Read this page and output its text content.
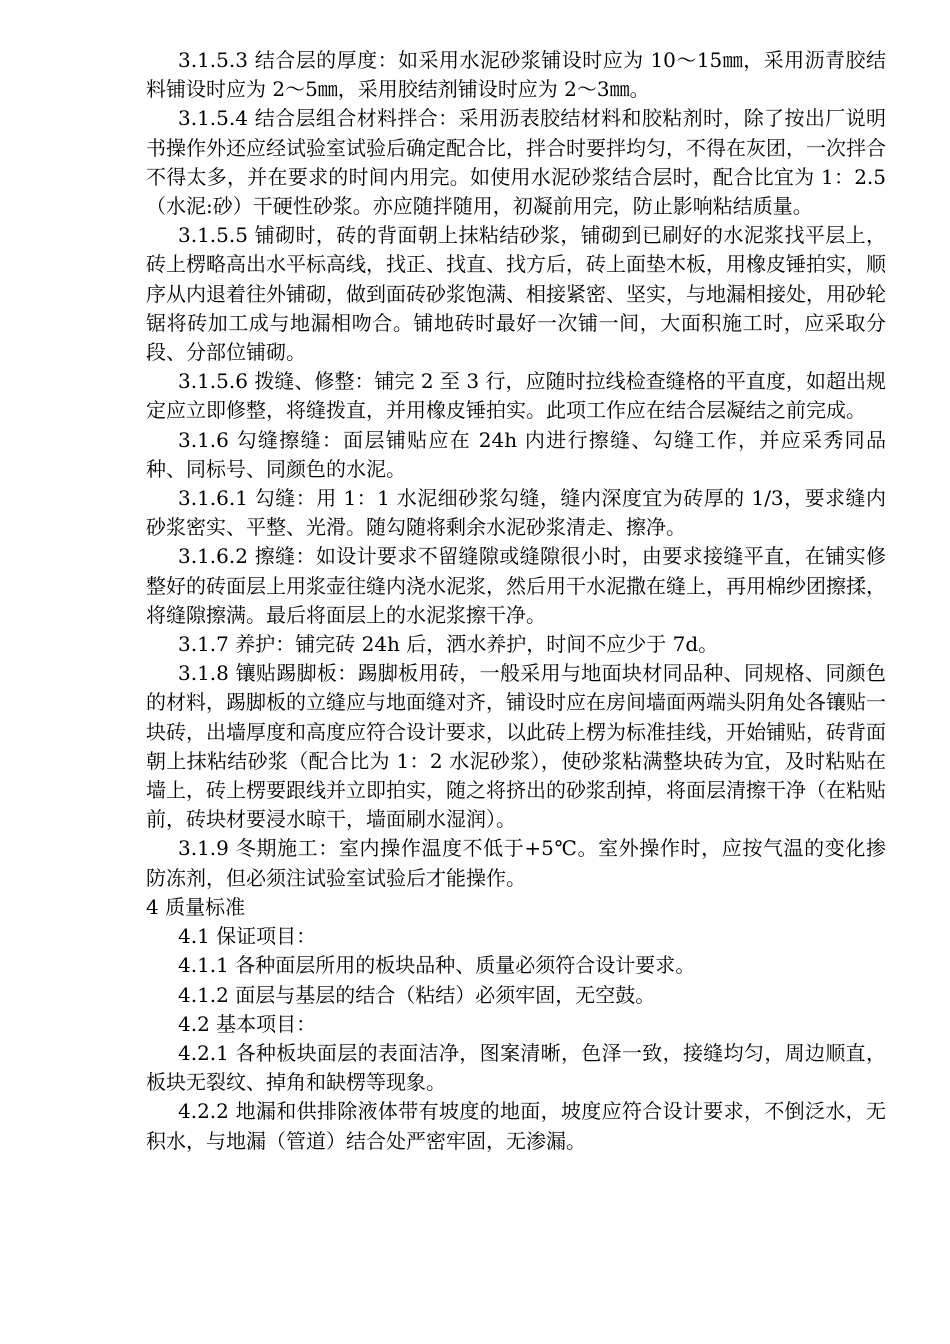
3.1.5.3 结合层的厚度：如采用水泥砂浆铺设时应为 10～15㎜，采用沥青胶结料铺设时应为 2～5㎜，采用胶结剂铺设时应为 2～3㎜。

3.1.5.4 结合层组合材料拌合：采用沥表胶结材料和胶粘剂时，除了按出厂说明书操作外还应经试验室试验后确定配合比，拌合时要拌均匀，不得在灰团，一次拌合不得太多，并在要求的时间内用完。如使用水泥砂浆结合层时，配合比宜为 1：2.5（水泥:砂）干硬性砂浆。亦应随拌随用，初凝前用完，防止影响粘结质量。

3.1.5.5 铺砌时，砖的背面朝上抹粘结砂浆，铺砌到已刷好的水泥浆找平层上，砖上楞略高出水平标高线，找正、找直、找方后，砖上面垫木板，用橡皮锤拍实，顺序从内退着往外铺砌，做到面砖砂浆饱满、相接紧密、坚实，与地漏相接处，用砂轮锯将砖加工成与地漏相吻合。铺地砖时最好一次铺一间，大面积施工时，应采取分段、分部位铺砌。

3.1.5.6 拨缝、修整：铺完 2 至 3 行，应随时拉线检查缝格的平直度，如超出规定应立即修整，将缝拨直，并用橡皮锤拍实。此项工作应在结合层凝结之前完成。

3.1.6 勾缝擦缝：面层铺贴应在 24h 内进行擦缝、勾缝工作，并应采秀同品种、同标号、同颜色的水泥。

3.1.6.1 勾缝：用 1：1 水泥细砂浆勾缝，缝内深度宜为砖厚的 1/3，要求缝内砂浆密实、平整、光滑。随勾随将剩余水泥砂浆清走、擦净。

3.1.6.2 擦缝：如设计要求不留缝隙或缝隙很小时，由要求接缝平直，在铺实修整好的砖面层上用浆壶往缝内浇水泥浆，然后用干水泥撒在缝上，再用棉纱团擦揉，将缝隙擦满。最后将面层上的水泥浆擦干净。

3.1.7 养护：铺完砖 24h 后，洒水养护，时间不应少于 7d。

3.1.8 镶贴踢脚板：踢脚板用砖，一般采用与地面块材同品种、同规格、同颜色的材料，踢脚板的立缝应与地面缝对齐，铺设时应在房间墙面两端头阴角处各镶贴一块砖，出墙厚度和高度应符合设计要求，以此砖上楞为标准挂线，开始铺贴，砖背面朝上抹粘结砂浆（配合比为 1：2 水泥砂浆），使砂浆粘满整块砖为宜，及时粘贴在墙上，砖上楞要跟线并立即拍实，随之将挤出的砂浆刮掉，将面层清擦干净（在粘贴前，砖块材要浸水晾干，墙面刷水湿润）。

3.1.9 冬期施工：室内操作温度不低于+5℃。室外操作时，应按气温的变化掺防冻剂，但必须注试验室试验后才能操作。

4 质量标准

4.1 保证项目：

4.1.1 各种面层所用的板块品种、质量必须符合设计要求。

4.1.2 面层与基层的结合（粘结）必须牢固，无空鼓。

4.2 基本项目：

4.2.1 各种板块面层的表面洁净，图案清晰，色泽一致，接缝均匀，周边顺直，板块无裂纹、掉角和缺楞等现象。

4.2.2 地漏和供排除液体带有坡度的地面，坡度应符合设计要求，不倒泛水，无积水，与地漏（管道）结合处严密牢固，无渗漏。
